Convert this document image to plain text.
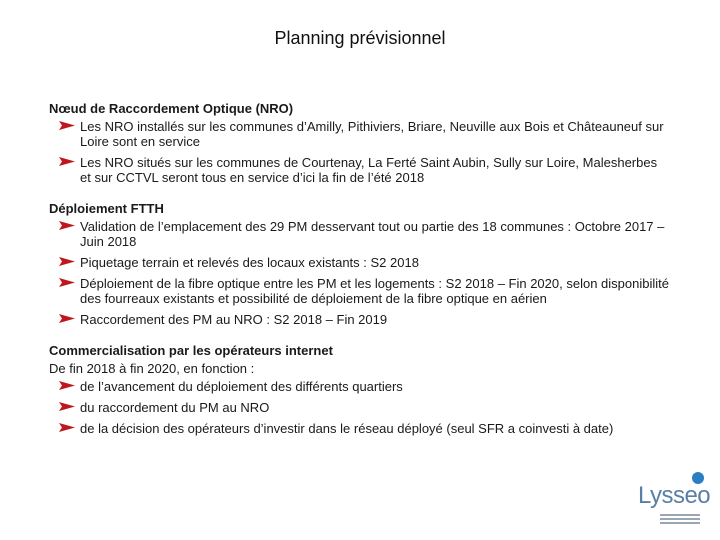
Planning prévisionnel
Nœud de Raccordement Optique (NRO)
Les NRO installés sur les communes d’Amilly, Pithiviers, Briare, Neuville aux Bois et Châteauneuf sur Loire sont en service
Les NRO situés sur les communes de Courtenay, La Ferté Saint Aubin, Sully sur Loire, Malesherbes et sur CCTVL seront tous en service d’ici la fin de l’été 2018
Déploiement FTTH
Validation de l’emplacement des 29 PM desservant tout ou partie des 18 communes : Octobre 2017 – Juin 2018
Piquetage terrain et relevés des locaux existants : S2 2018
Déploiement de la fibre optique entre les PM et les logements : S2 2018 – Fin 2020, selon disponibilité des fourreaux existants et possibilité de déploiement de la fibre optique en aérien
Raccordement des PM au NRO : S2 2018 – Fin 2019
Commercialisation par les opérateurs internet
De fin 2018 à fin 2020, en fonction :
de l’avancement du déploiement des différents quartiers
du raccordement du PM au NRO
de la décision des opérateurs d’investir dans le réseau déployé (seul SFR a coinvesti à date)
Lysseo
